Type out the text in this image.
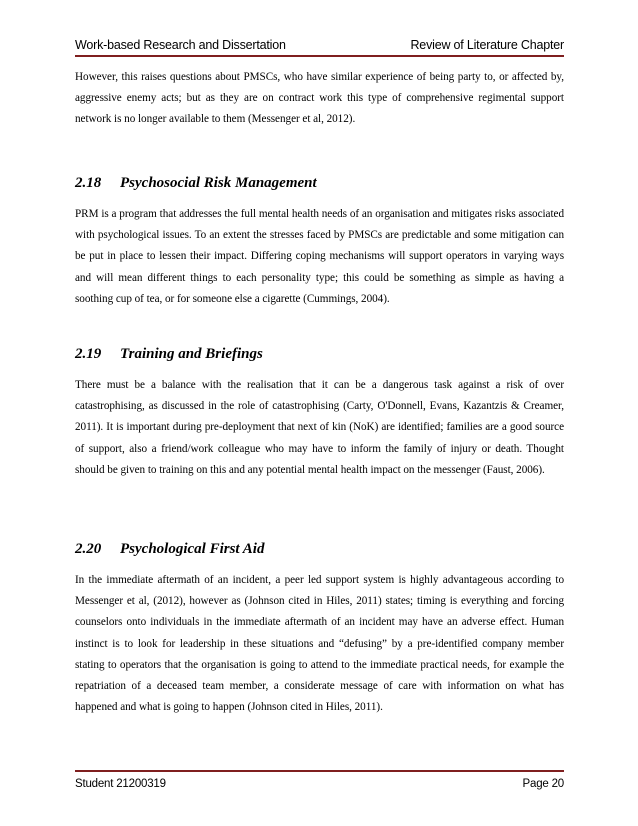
Work-based Research and Dissertation	Review of Literature Chapter
However, this raises questions about PMSCs, who have similar experience of being party to, or affected by, aggressive enemy acts; but as they are on contract work this type of comprehensive regimental support network is no longer available to them (Messenger et al, 2012).
2.18 Psychosocial Risk Management
PRM is a program that addresses the full mental health needs of an organisation and mitigates risks associated with psychological issues. To an extent the stresses faced by PMSCs are predictable and some mitigation can be put in place to lessen their impact. Differing coping mechanisms will support operators in varying ways and will mean different things to each personality type; this could be something as simple as having a soothing cup of tea, or for someone else a cigarette (Cummings, 2004).
2.19 Training and Briefings
There must be a balance with the realisation that it can be a dangerous task against a risk of over catastrophising, as discussed in the role of catastrophising (Carty, O'Donnell, Evans, Kazantzis & Creamer, 2011). It is important during pre-deployment that next of kin (NoK) are identified; families are a good source of support, also a friend/work colleague who may have to inform the family of injury or death. Thought should be given to training on this and any potential mental health impact on the messenger (Faust, 2006).
2.20 Psychological First Aid
In the immediate aftermath of an incident, a peer led support system is highly advantageous according to Messenger et al, (2012), however as (Johnson cited in Hiles, 2011) states; timing is everything and forcing counselors onto individuals in the immediate aftermath of an incident may have an adverse effect. Human instinct is to look for leadership in these situations and “defusing” by a pre-identified company member stating to operators that the organisation is going to attend to the immediate practical needs, for example the repatriation of a deceased team member, a considerate message of care with information on what has happened and what is going to happen (Johnson cited in Hiles, 2011).
Student 21200319	Page 20
